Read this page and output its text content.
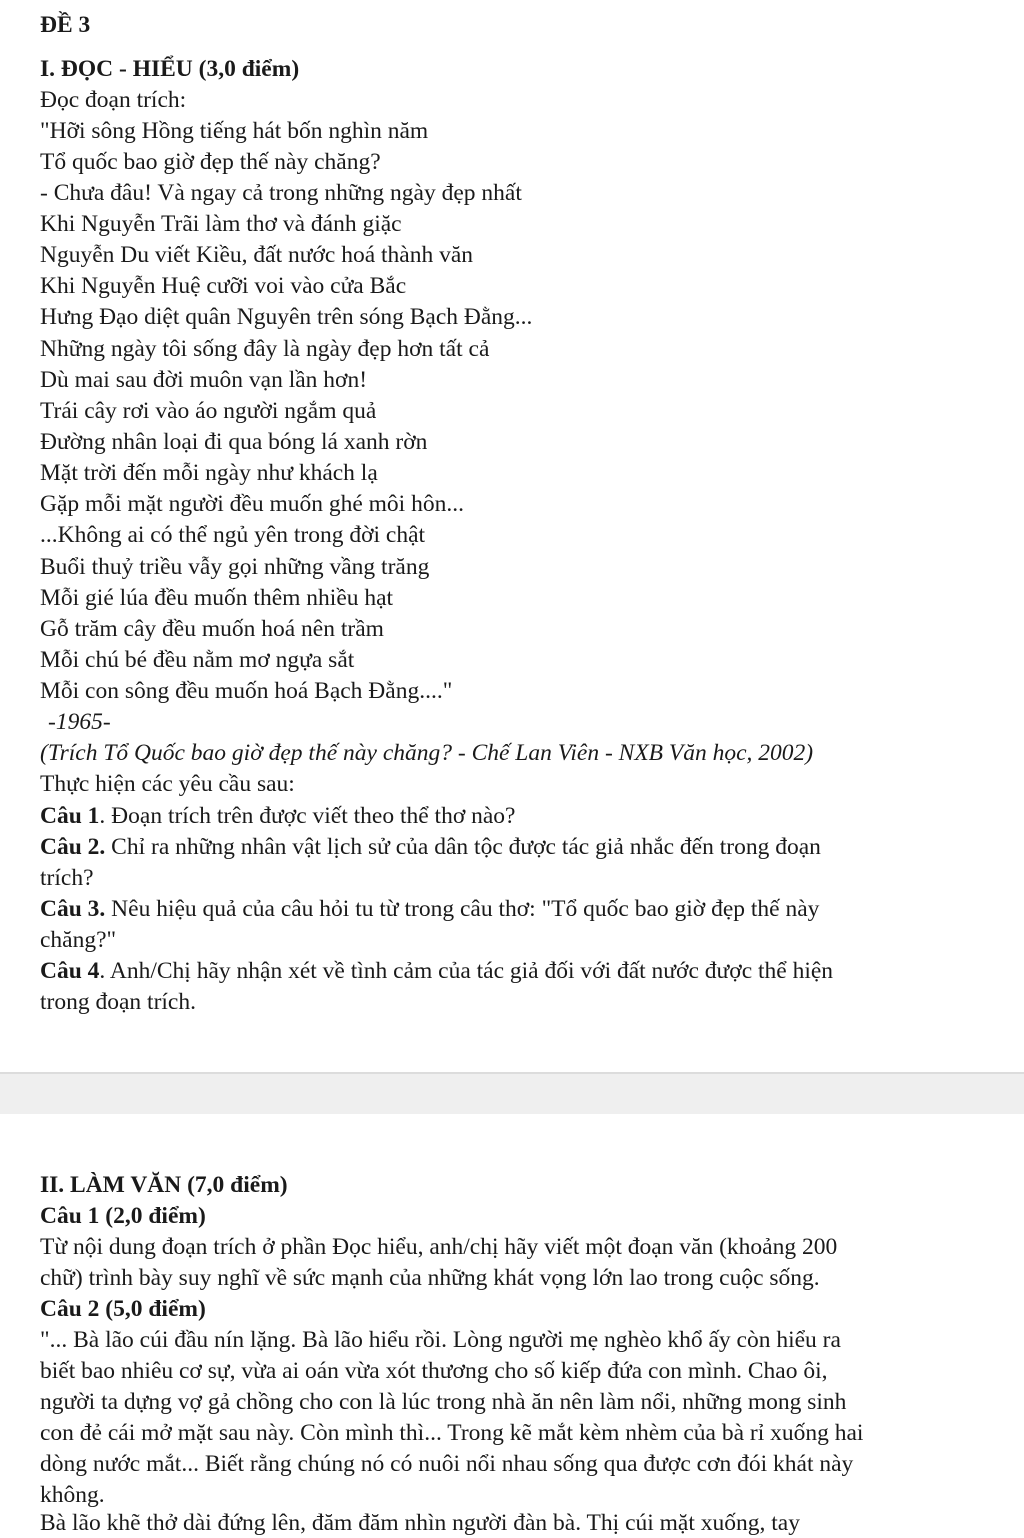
ĐỀ 3
I. ĐỌC - HIỂU (3,0 điểm)
Đọc đoạn trích:
"Hỡi sông Hồng tiếng hát bốn nghìn năm
Tổ quốc bao giờ đẹp thế này chăng?
- Chưa đâu! Và ngay cả trong những ngày đẹp nhất
Khi Nguyễn Trãi làm thơ và đánh giặc
Nguyễn Du viết Kiều, đất nước hoá thành văn
Khi Nguyễn Huệ cưỡi voi vào cửa Bắc
Hưng Đạo diệt quân Nguyên trên sóng Bạch Đằng...
Những ngày tôi sống đây là ngày đẹp hơn tất cả
Dù mai sau đời muôn vạn lần hơn!
Trái cây rơi vào áo người ngắm quả
Đường nhân loại đi qua bóng lá xanh rờn
Mặt trời đến mỗi ngày như khách lạ
Gặp mỗi mặt người đều muốn ghé môi hôn...
...Không ai có thể ngủ yên trong đời chật
Buổi thuỷ triều vẫy gọi những vầng trăng
Mỗi gié lúa đều muốn thêm nhiều hạt
Gỗ trăm cây đều muốn hoá nên trầm
Mỗi chú bé đều nằm mơ ngựa sắt
Mỗi con sông đều muốn hoá Bạch Đằng...."
-1965-
(Trích Tổ Quốc bao giờ đẹp thế này chăng? - Chế Lan Viên - NXB Văn học, 2002)
Thực hiện các yêu cầu sau:
Câu 1. Đoạn trích trên được viết theo thể thơ nào?
Câu 2. Chỉ ra những nhân vật lịch sử của dân tộc được tác giả nhắc đến trong đoạn
trích?
Câu 3. Nêu hiệu quả của câu hỏi tu từ trong câu thơ: "Tổ quốc bao giờ đẹp thế này
chăng?"
Câu 4. Anh/Chị hãy nhận xét về tình cảm của tác giả đối với đất nước được thể hiện
trong đoạn trích.
II. LÀM VĂN (7,0 điểm)
Câu 1 (2,0 điểm)
Từ nội dung đoạn trích ở phần Đọc hiểu, anh/chị hãy viết một đoạn văn (khoảng 200
chữ) trình bày suy nghĩ về sức mạnh của những khát vọng lớn lao trong cuộc sống.
Câu 2 (5,0 điểm)
"... Bà lão cúi đầu nín lặng. Bà lão hiểu rồi. Lòng người mẹ nghèo khổ ấy còn hiểu ra
biết bao nhiêu cơ sự, vừa ai oán vừa xót thương cho số kiếp đứa con mình. Chao ôi,
người ta dựng vợ gả chồng cho con là lúc trong nhà ăn nên làm nổi, những mong sinh
con đẻ cái mở mặt sau này. Còn mình thì... Trong kẽ mắt kèm nhèm của bà rỉ xuống hai
dòng nước mắt... Biết rằng chúng nó có nuôi nổi nhau sống qua được cơn đói khát này
không.
Bà lão khẽ thở dài đứng lên, đăm đăm nhìn người đàn bà. Thị cúi mặt xuống, tay
